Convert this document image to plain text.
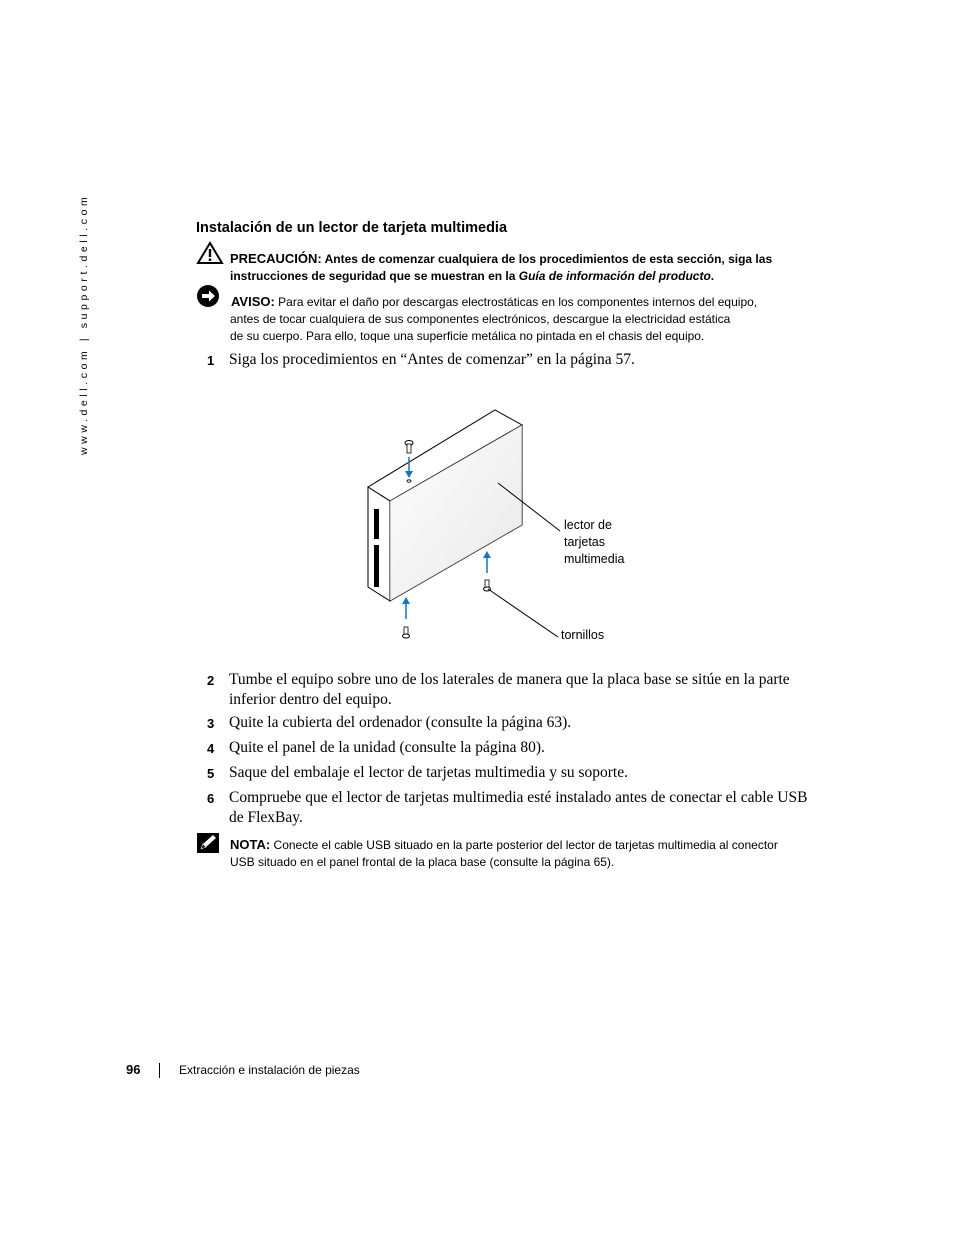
www.dell.com | support.dell.com	Instalación de un lector de tarjeta multimedia
PRECAUCIÓN: Antes de comenzar cualquiera de los procedimientos de esta sección, siga las
instrucciones de seguridad que se muestran en la Guía de información del producto.
AVISO: Para evitar el daño por descargas electrostáticas en los componentes internos del equipo,
antes de tocar cualquiera de sus componentes electrónicos, descargue la electricidad estática
de su cuerpo. Para ello, toque una superficie metálica no pintada en el chasis del equipo.
1 Siga los procedimientos en “Antes de comenzar” en la página 57.
lector de
tarjetas
multimedia
tornillos
2 Tumbe el equipo sobre uno de los laterales de manera que la placa base se sitúe en la parte inferior dentro del equipo.
3 Quite la cubierta del ordenador (consulte la página 63).
4 Quite el panel de la unidad (consulte la página 80).
5 Saque del embalaje el lector de tarjetas multimedia y su soporte.
6 Compruebe que el lector de tarjetas multimedia esté instalado antes de conectar el cable USB de FlexBay.
NOTA: Conecte el cable USB situado en la parte posterior del lector de tarjetas multimedia al conector
USB situado en el panel frontal de la placa base (consulte la página 65).
96	Extracción e instalación de piezas
